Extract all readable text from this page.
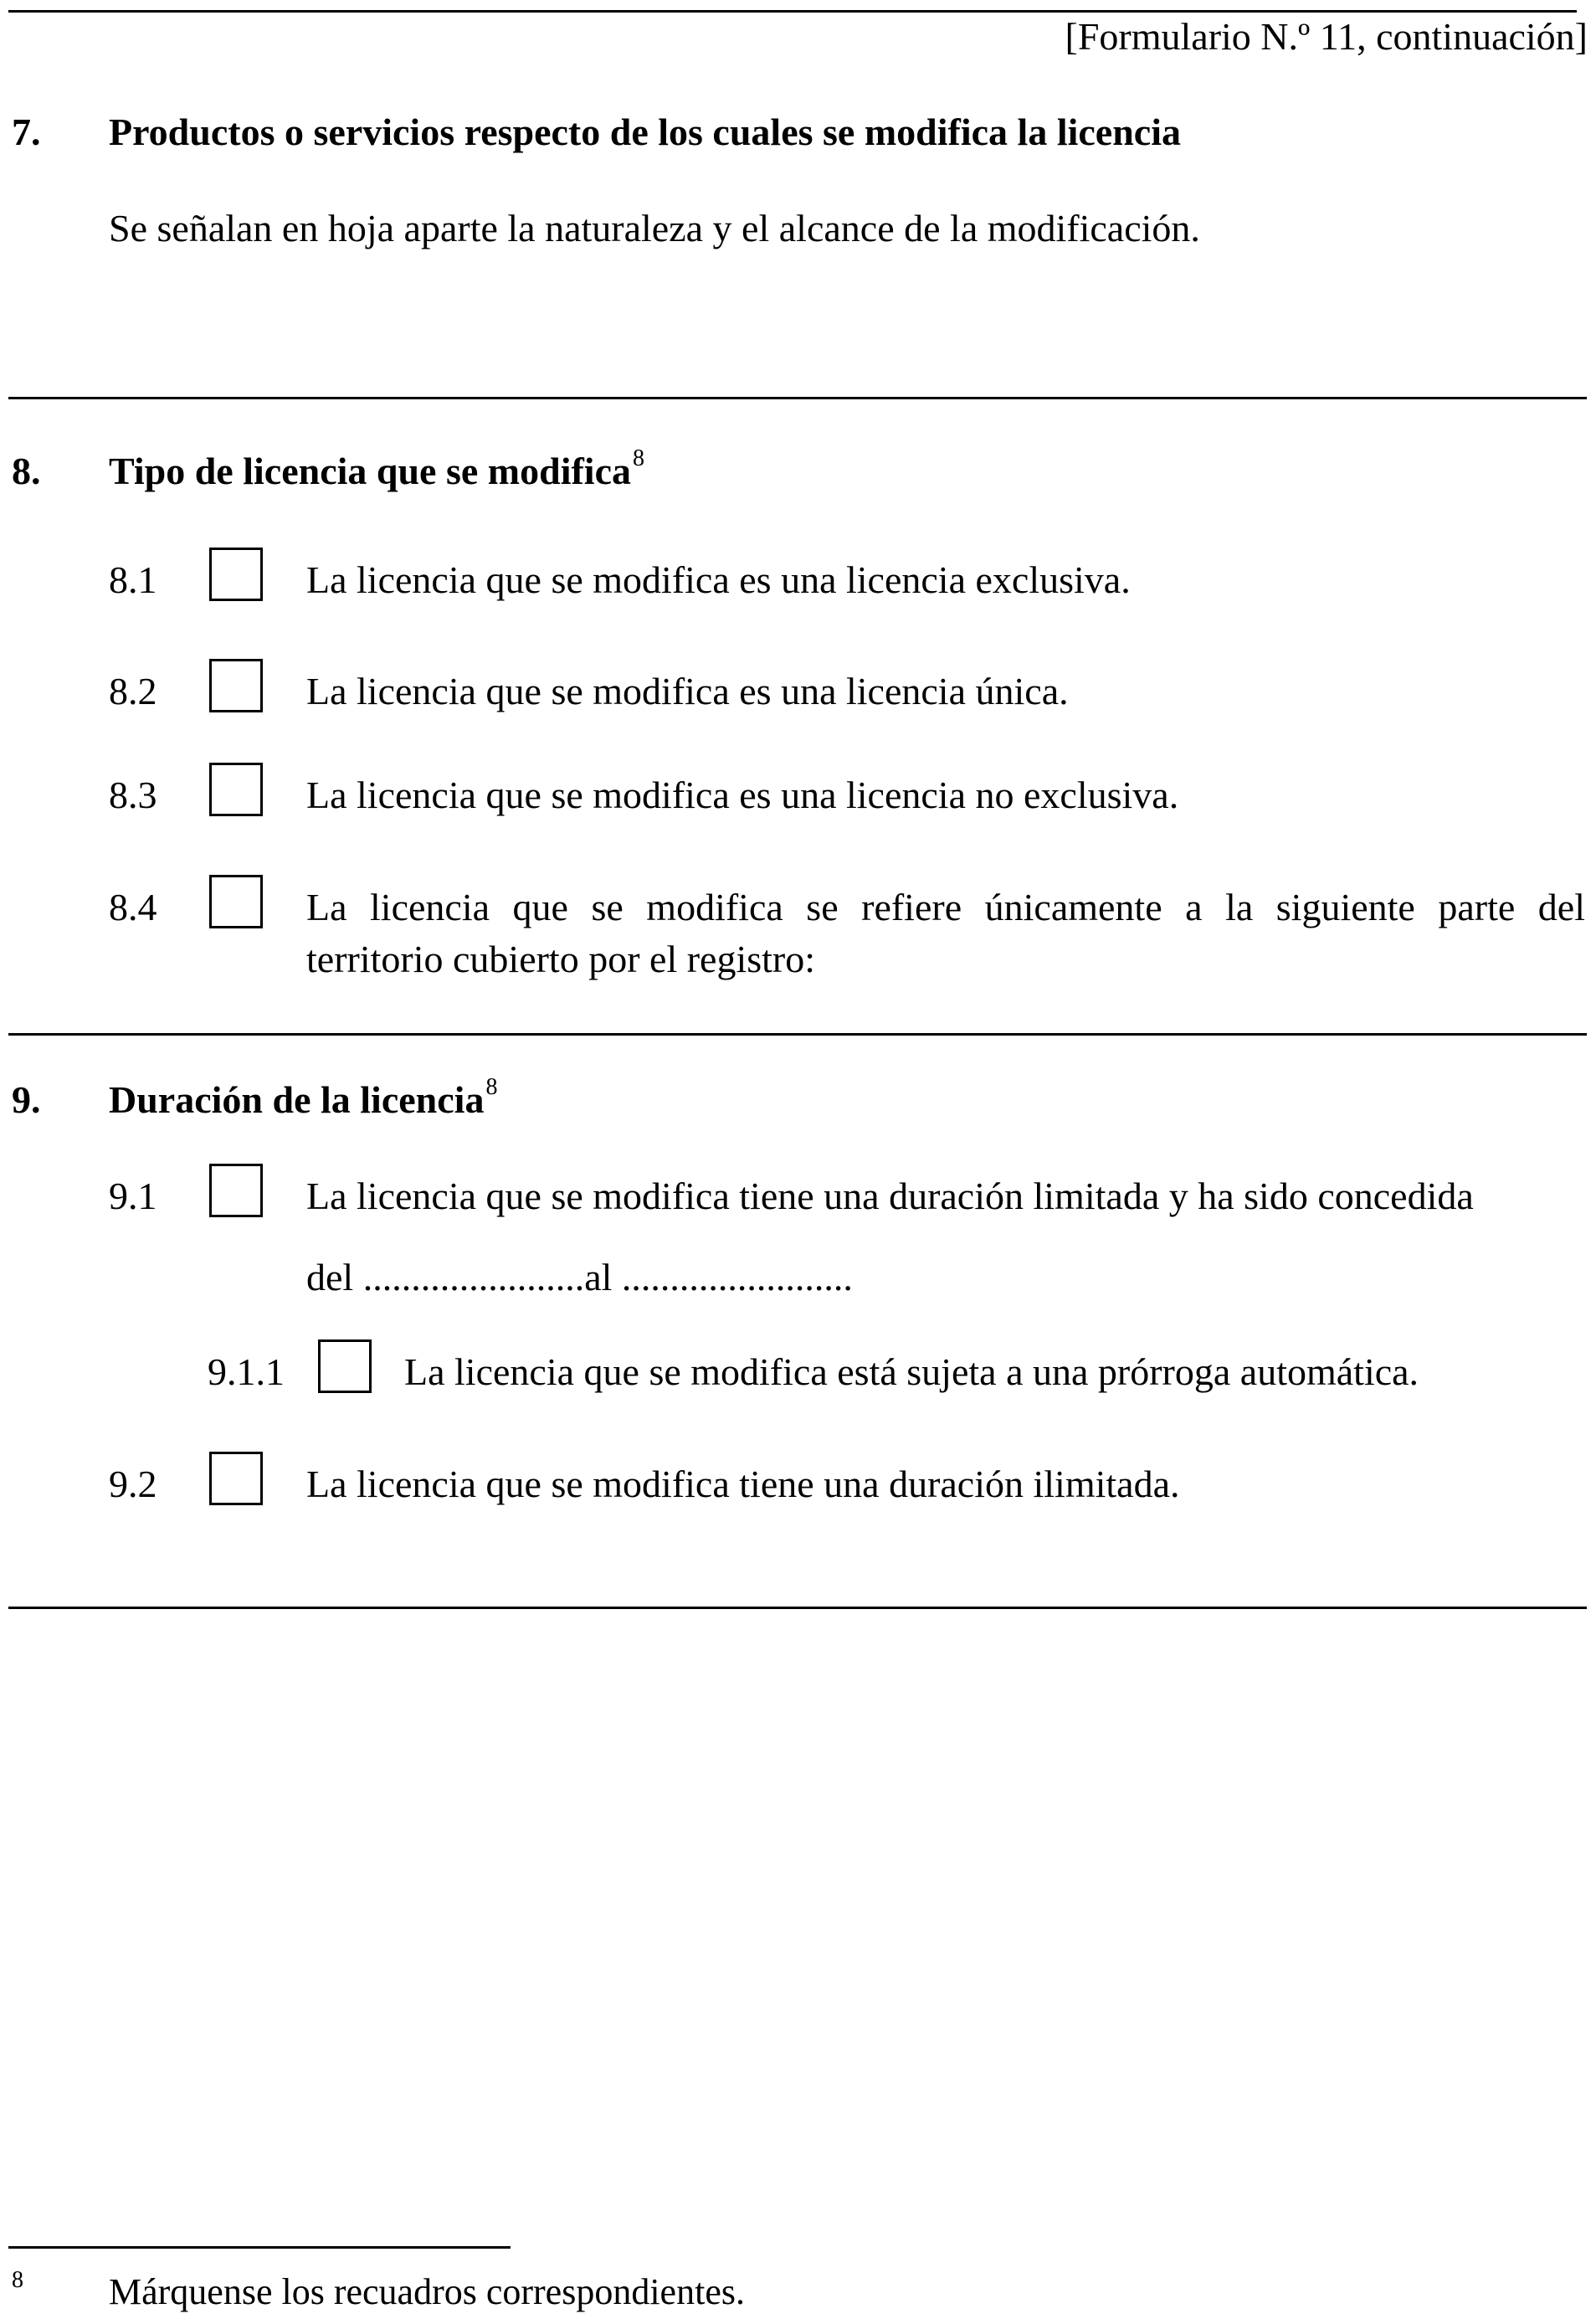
[Formulario N.º 11, continuación]
7. Productos o servicios respecto de los cuales se modifica la licencia
Se señalan en hoja aparte la naturaleza y el alcance de la modificación.
8. Tipo de licencia que se modifica$^8$
8.1	La licencia que se modifica es una licencia exclusiva.
8.2	La licencia que se modifica es una licencia única.
8.3	La licencia que se modifica es una licencia no exclusiva.
8.4	La licencia que se modifica se refiere únicamente a la siguiente parte del
territorio cubierto por el registro:
9. Duración de la licencia$^8$
9.1	La licencia que se modifica tiene una duración limitada y ha sido concedida
del .......................al ........................
9.1.1	La licencia que se modifica está sujeta a una prórroga automática.
9.2	La licencia que se modifica tiene una duración ilimitada.
8 Márquense los recuadros correspondientes.
